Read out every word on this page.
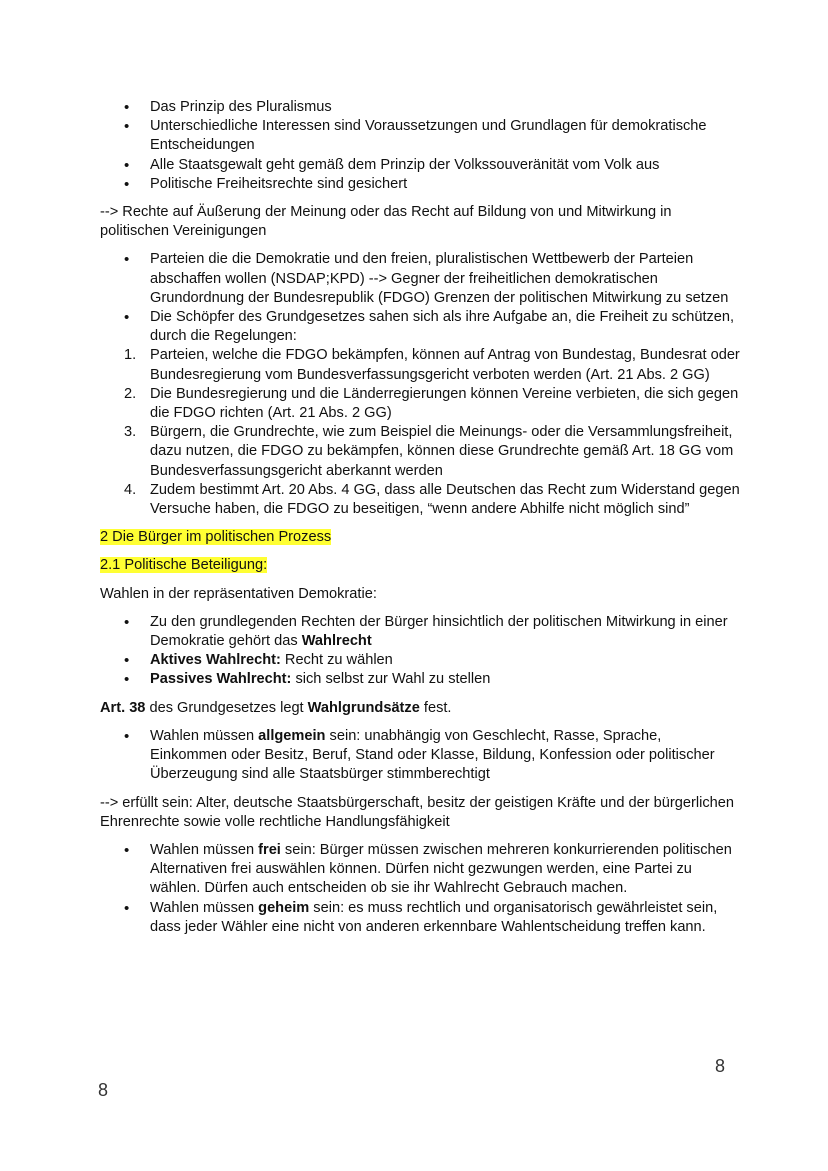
• Das Prinzip des Pluralismus
• Unterschiedliche Interessen sind Voraussetzungen und Grundlagen für demokratische Entscheidungen
• Alle Staatsgewalt geht gemäß dem Prinzip der Volkssouveränität vom Volk aus
• Politische Freiheitsrechte sind gesichert

--> Rechte auf Äußerung der Meinung oder das Recht auf Bildung von und Mitwirkung in politischen Vereinigungen

• Parteien die die Demokratie und den freien, pluralistischen Wettbewerb der Parteien abschaffen wollen (NSDAP;KPD) --> Gegner der freiheitlichen demokratischen Grundordnung der Bundesrepublik (FDGO) Grenzen der politischen Mitwirkung zu setzen
• Die Schöpfer des Grundgesetzes sahen sich als ihre Aufgabe an, die Freiheit zu schützen, durch die Regelungen:
1. Parteien, welche die FDGO bekämpfen, können auf Antrag von Bundestag, Bundesrat oder Bundesregierung vom Bundesverfassungsgericht verboten werden (Art. 21 Abs. 2 GG)
2. Die Bundesregierung und die Länderregierungen können Vereine verbieten, die sich gegen die FDGO richten (Art. 21 Abs. 2 GG)
3. Bürgern, die Grundrechte, wie zum Beispiel die Meinungs- oder die Versammlungsfreiheit, dazu nutzen, die FDGO zu bekämpfen, können diese Grundrechte gemäß Art. 18 GG vom Bundesverfassungsgericht aberkannt werden
4. Zudem bestimmt Art. 20 Abs. 4 GG, dass alle Deutschen das Recht zum Widerstand gegen Versuche haben, die FDGO zu beseitigen, “wenn andere Abhilfe nicht möglich sind”

2 Die Bürger im politischen Prozess

2.1 Politische Beteiligung:

Wahlen in der repräsentativen Demokratie:

• Zu den grundlegenden Rechten der Bürger hinsichtlich der politischen Mitwirkung in einer Demokratie gehört das Wahlrecht
• Aktives Wahlrecht: Recht zu wählen
• Passives Wahlrecht: sich selbst zur Wahl zu stellen

Art. 38 des Grundgesetzes legt Wahlgrundsätze fest.

• Wahlen müssen allgemein sein: unabhängig von Geschlecht, Rasse, Sprache, Einkommen oder Besitz, Beruf, Stand oder Klasse, Bildung, Konfession oder politischer Überzeugung sind alle Staatsbürger stimmberechtigt

--> erfüllt sein: Alter, deutsche Staatsbürgerschaft, besitz der geistigen Kräfte und der bürgerlichen Ehrenrechte sowie volle rechtliche Handlungsfähigkeit

• Wahlen müssen frei sein: Bürger müssen zwischen mehreren konkurrierenden politischen Alternativen frei auswählen können. Dürfen nicht gezwungen werden, eine Partei zu wählen. Dürfen auch entscheiden ob sie ihr Wahlrecht Gebrauch machen.
• Wahlen müssen geheim sein: es muss rechtlich und organisatorisch gewährleistet sein, dass jeder Wähler eine nicht von anderen erkennbare Wahlentscheidung treffen kann.
8
8
